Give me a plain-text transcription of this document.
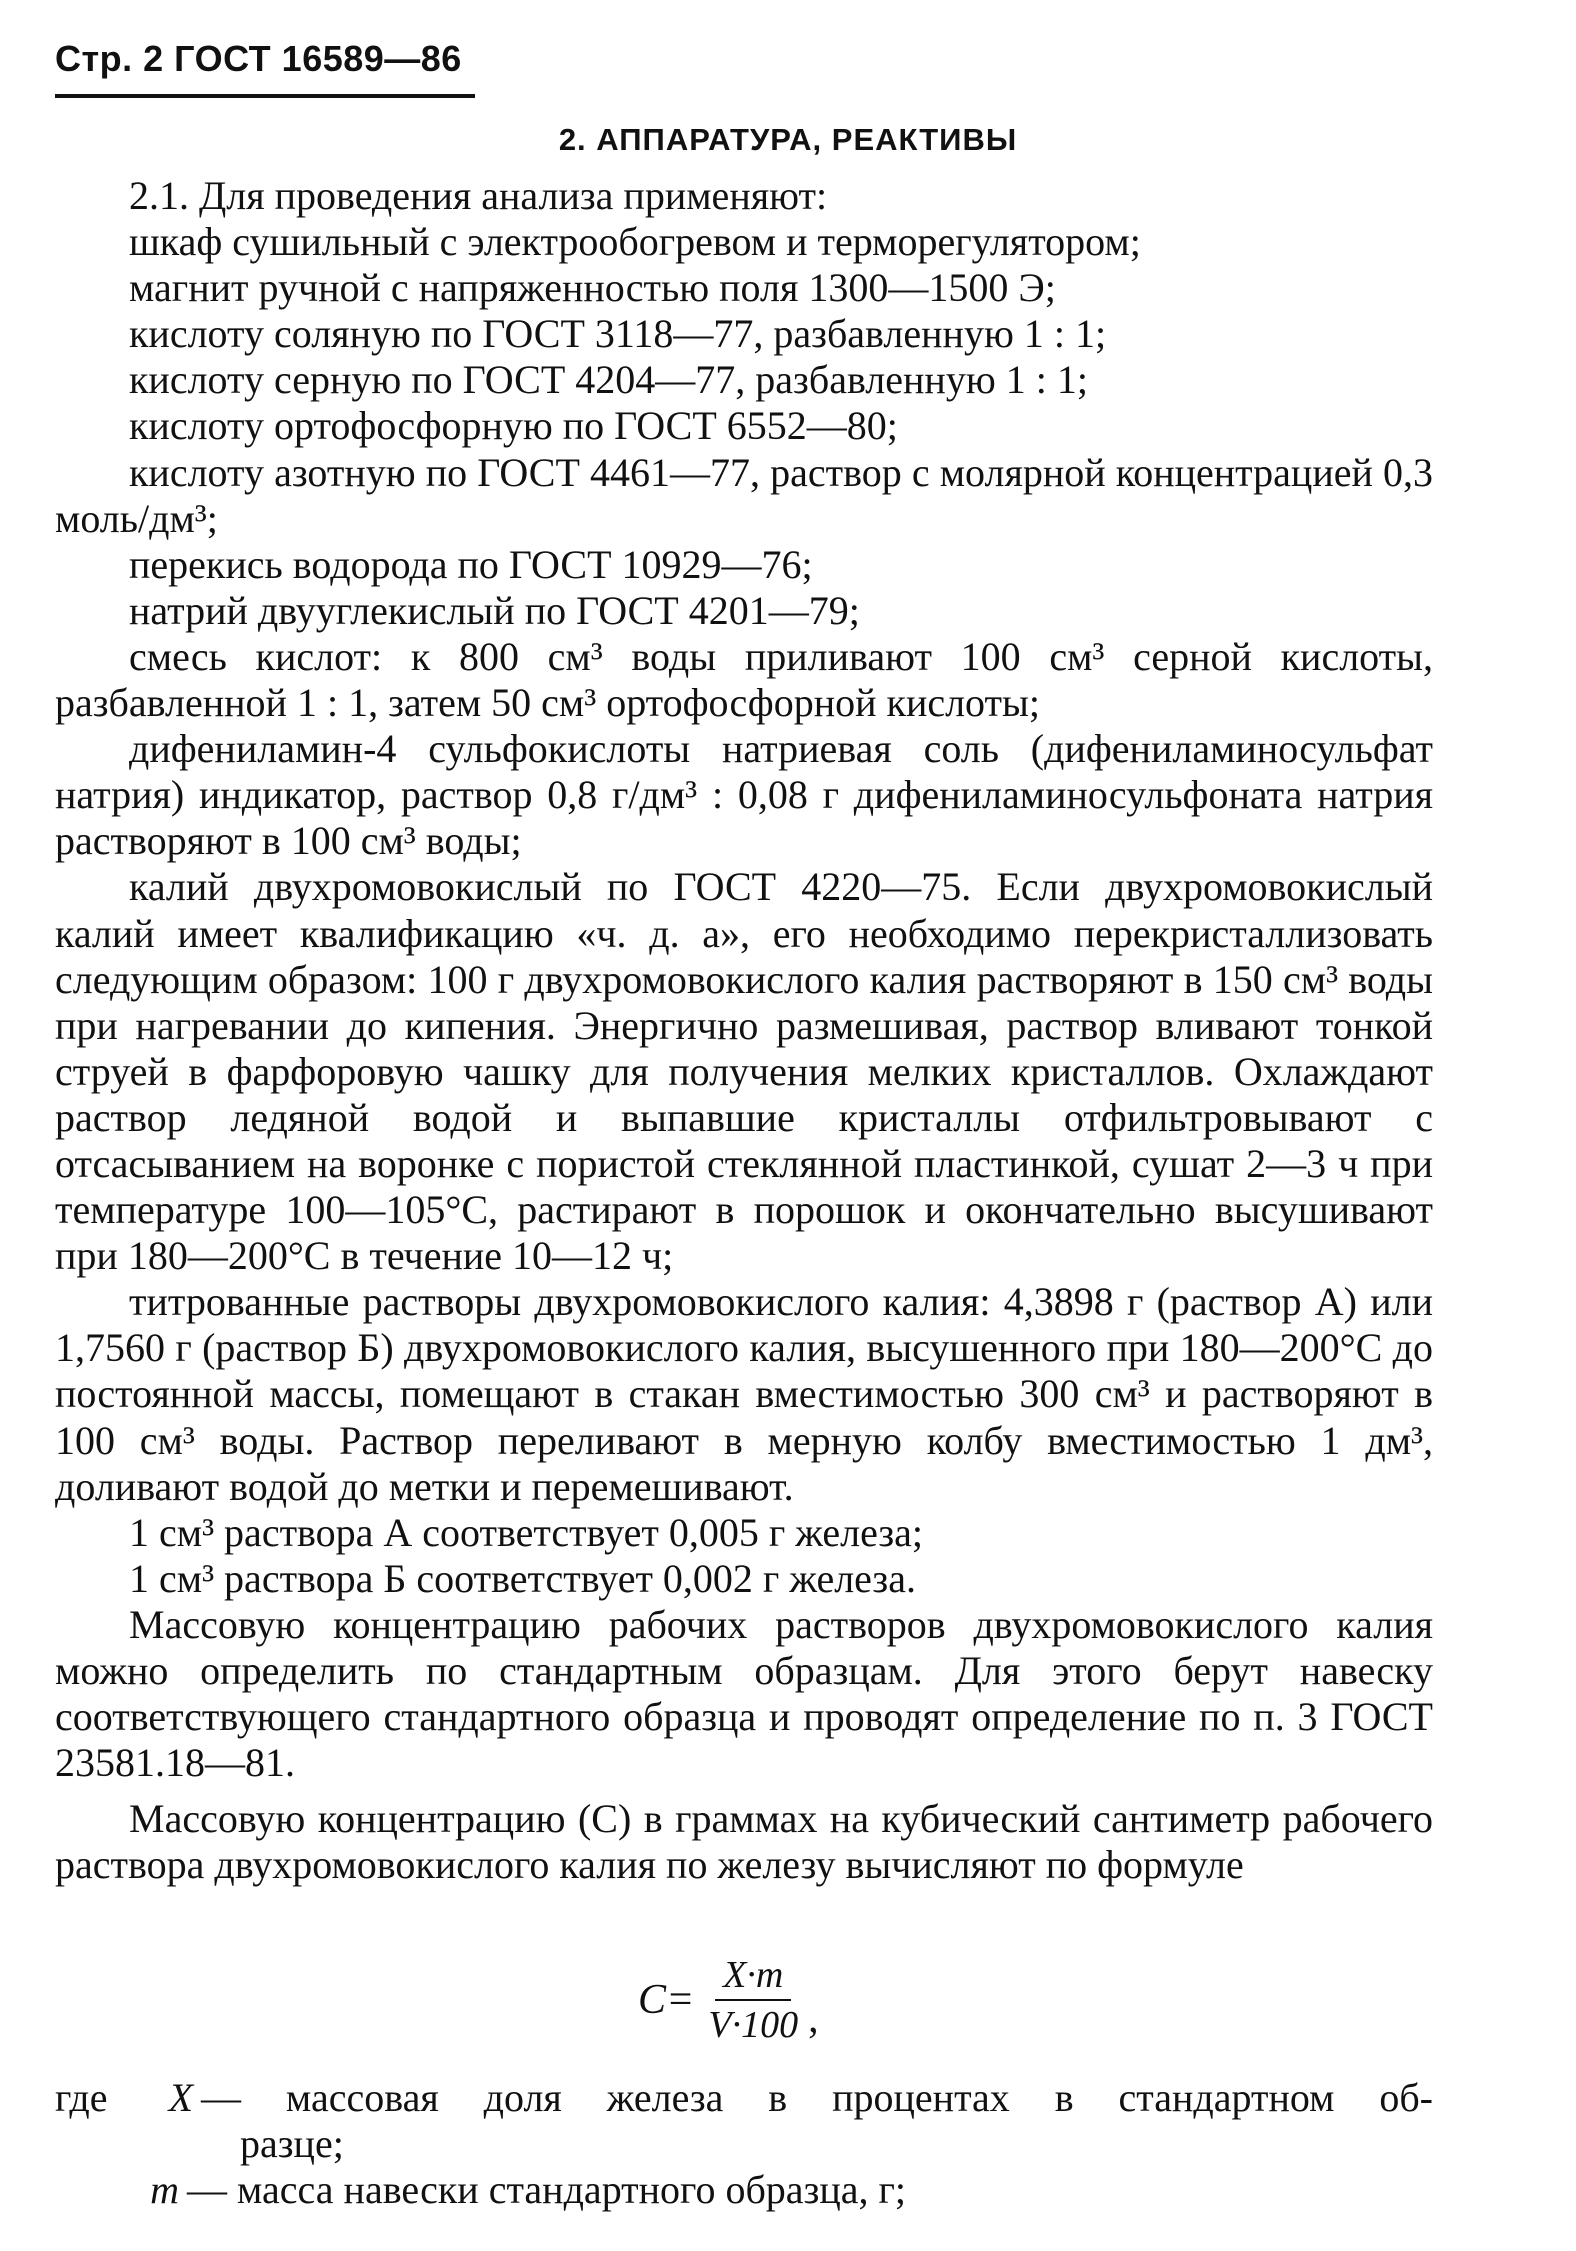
Стр. 2 ГОСТ 16589—86
2. АППАРАТУРА, РЕАКТИВЫ

2.1. Для проведения анализа применяют:

шкаф сушильный с электрообогревом и терморегулятором;

магнит ручной с напряженностью поля 1300—1500 Э;

кислоту соляную по ГОСТ 3118—77, разбавленную 1 : 1;

кислоту серную по ГОСТ 4204—77, разбавленную 1 : 1;

кислоту ортофосфорную по ГОСТ 6552—80;

кислоту азотную по ГОСТ 4461—77, раствор с молярной концентрацией 0,3 моль/дм³;

перекись водорода по ГОСТ 10929—76;

натрий двууглекислый по ГОСТ 4201—79;

смесь кислот: к 800 см³ воды приливают 100 см³ серной кислоты, разбавленной 1 : 1, затем 50 см³ ортофосфорной кислоты;

дифениламин-4 сульфокислоты натриевая соль (дифениламиносульфат натрия) индикатор, раствор 0,8 г/дм³ : 0,08 г дифениламиносульфоната натрия растворяют в 100 см³ воды;

калий двухромовокислый по ГОСТ 4220—75. Если двухромовокислый калий имеет квалификацию «ч. д. а», его необходимо перекристаллизовать следующим образом: 100 г двухромовокислого калия растворяют в 150 см³ воды при нагревании до кипения. Энергично размешивая, раствор вливают тонкой струей в фарфоровую чашку для получения мелких кристаллов. Охлаждают раствор ледяной водой и выпавшие кристаллы отфильтровывают с отсасыванием на воронке с пористой стеклянной пластинкой, сушат 2—3 ч при температуре 100—105°С, растирают в порошок и окончательно высушивают при 180—200°С в течение 10—12 ч;

титрованные растворы двухромовокислого калия: 4,3898 г (раствор А) или 1,7560 г (раствор Б) двухромовокислого калия, высушенного при 180—200°С до постоянной массы, помещают в стакан вместимостью 300 см³ и растворяют в 100 см³ воды. Раствор переливают в мерную колбу вместимостью 1 дм³, доливают водой до метки и перемешивают.

1 см³ раствора А соответствует 0,005 г железа;

1 см³ раствора Б соответствует 0,002 г железа.

Массовую концентрацию рабочих растворов двухромовокислого калия можно определить по стандартным образцам. Для этого берут навеску соответствующего стандартного образца и проводят определение по п. 3 ГОСТ 23581.18—81.

Массовую концентрацию (С) в граммах на кубический сантиметр рабочего раствора двухромовокислого калия по железу вычисляют по формуле

$C= \frac{X\cdot m}{V\cdot 100}$ ,
где	X — массовая доля железа в процентах в стандартном об-
разце;
m — масса навески стандартного образца, г;
